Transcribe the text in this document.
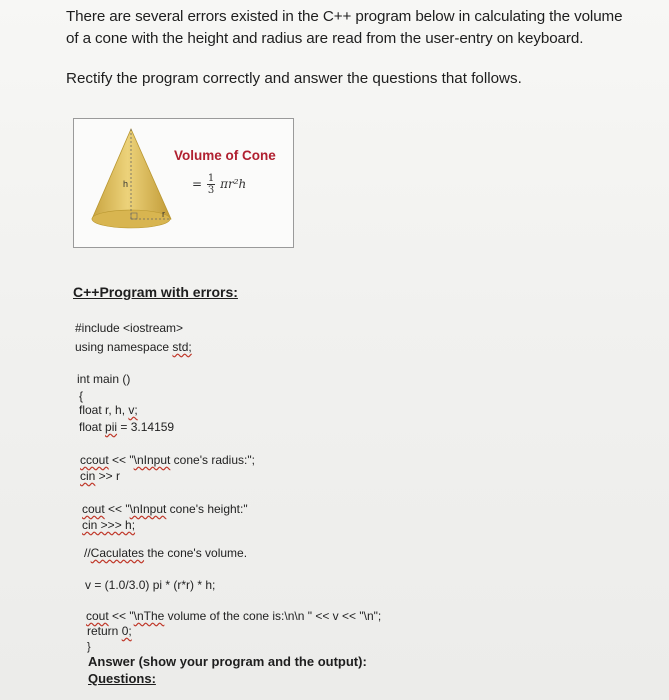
There are several errors existed in the C++ program below in calculating the volume
of a cone with the height and radius are read from the user-entry on keyboard.
Rectify the program correctly and answer the questions that follows.
h
r
Volume of Cone
= $\frac{1}{3} \pi r^2h$
C++Program with errors:
#include <iostream>
using namespace std;
int main ()
{
float r, h, v;
float pii = 3.14159
ccout << "\nInput cone's radius:";
cin >> r
cout << "\nInput cone's height:"
cin >>> h;
//Caculates the cone's volume.
v = (1.0/3.0) pi * (r*r) * h;
cout << "\nThe volume of the cone is:\n\n " << v << "\n";
return 0;
}
Answer (show your program and the output):
Questions:
